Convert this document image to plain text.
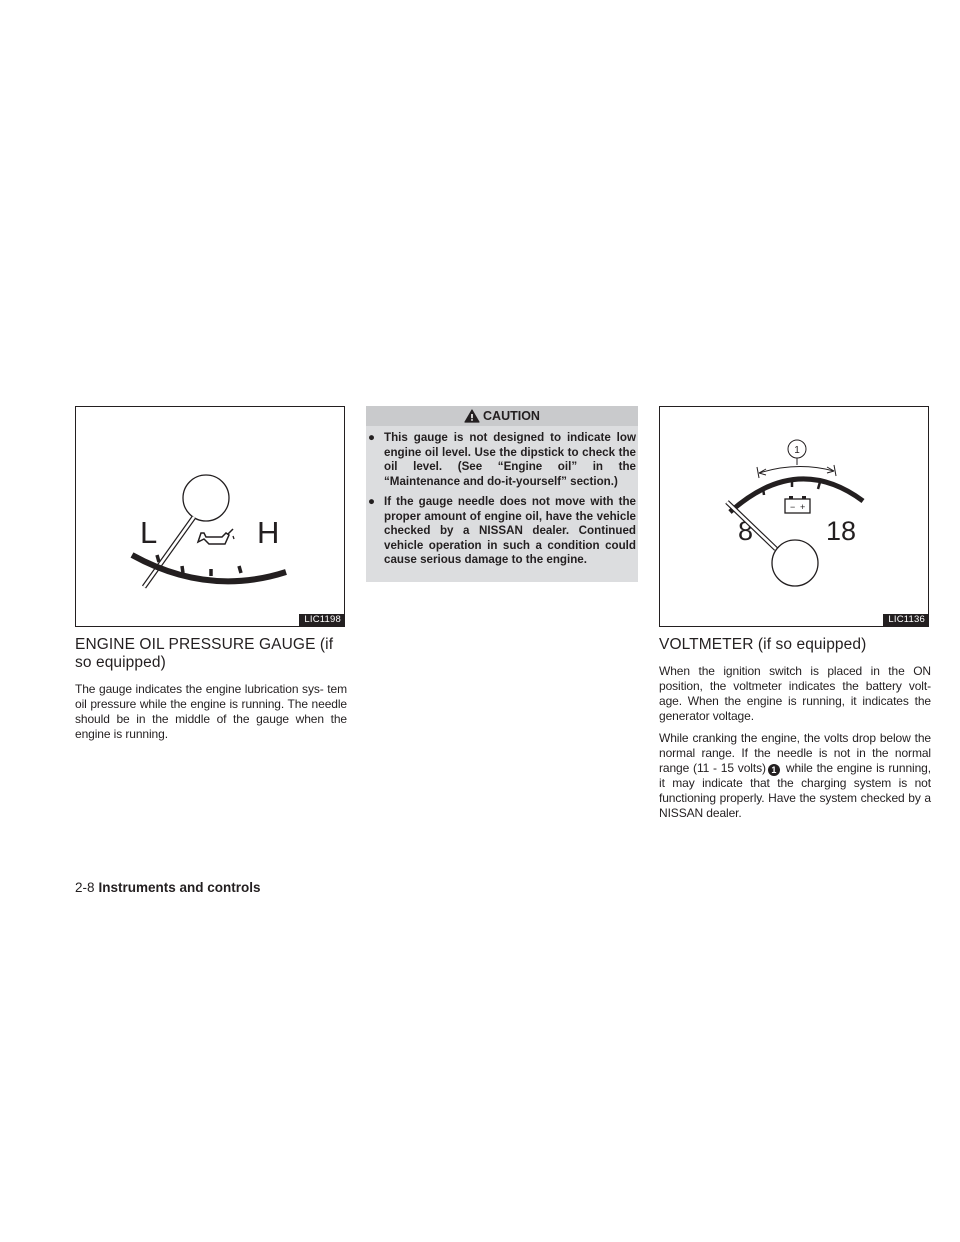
L	H
LIC1198
ENGINE OIL PRESSURE GAUGE (if so equipped)

The gauge indicates the engine lubrication sys- tem oil pressure while the engine is running. The needle should be in the middle of the gauge when the engine is running.

CAUTION
● This gauge is not designed to indicate low engine oil level. Use the dipstick to check the oil level. (See “Engine oil” in the “Maintenance and do-it-yourself” section.)
● If the gauge needle does not move with the proper amount of engine oil, have the vehicle checked by a NISSAN dealer. Continued vehicle operation in such a condition could cause serious damage to the engine.
1
− +
8	18
LIC1136
VOLTMETER (if so equipped)

When the ignition switch is placed in the ON position, the voltmeter indicates the battery volt- age. When the engine is running, it indicates the generator voltage.

While cranking the engine, the volts drop below the normal range. If the needle is not in the normal range (11 - 15 volts) 1 while the engine is running, it may indicate that the charging system is not functioning properly. Have the system checked by a NISSAN dealer.

2-8 Instruments and controls
